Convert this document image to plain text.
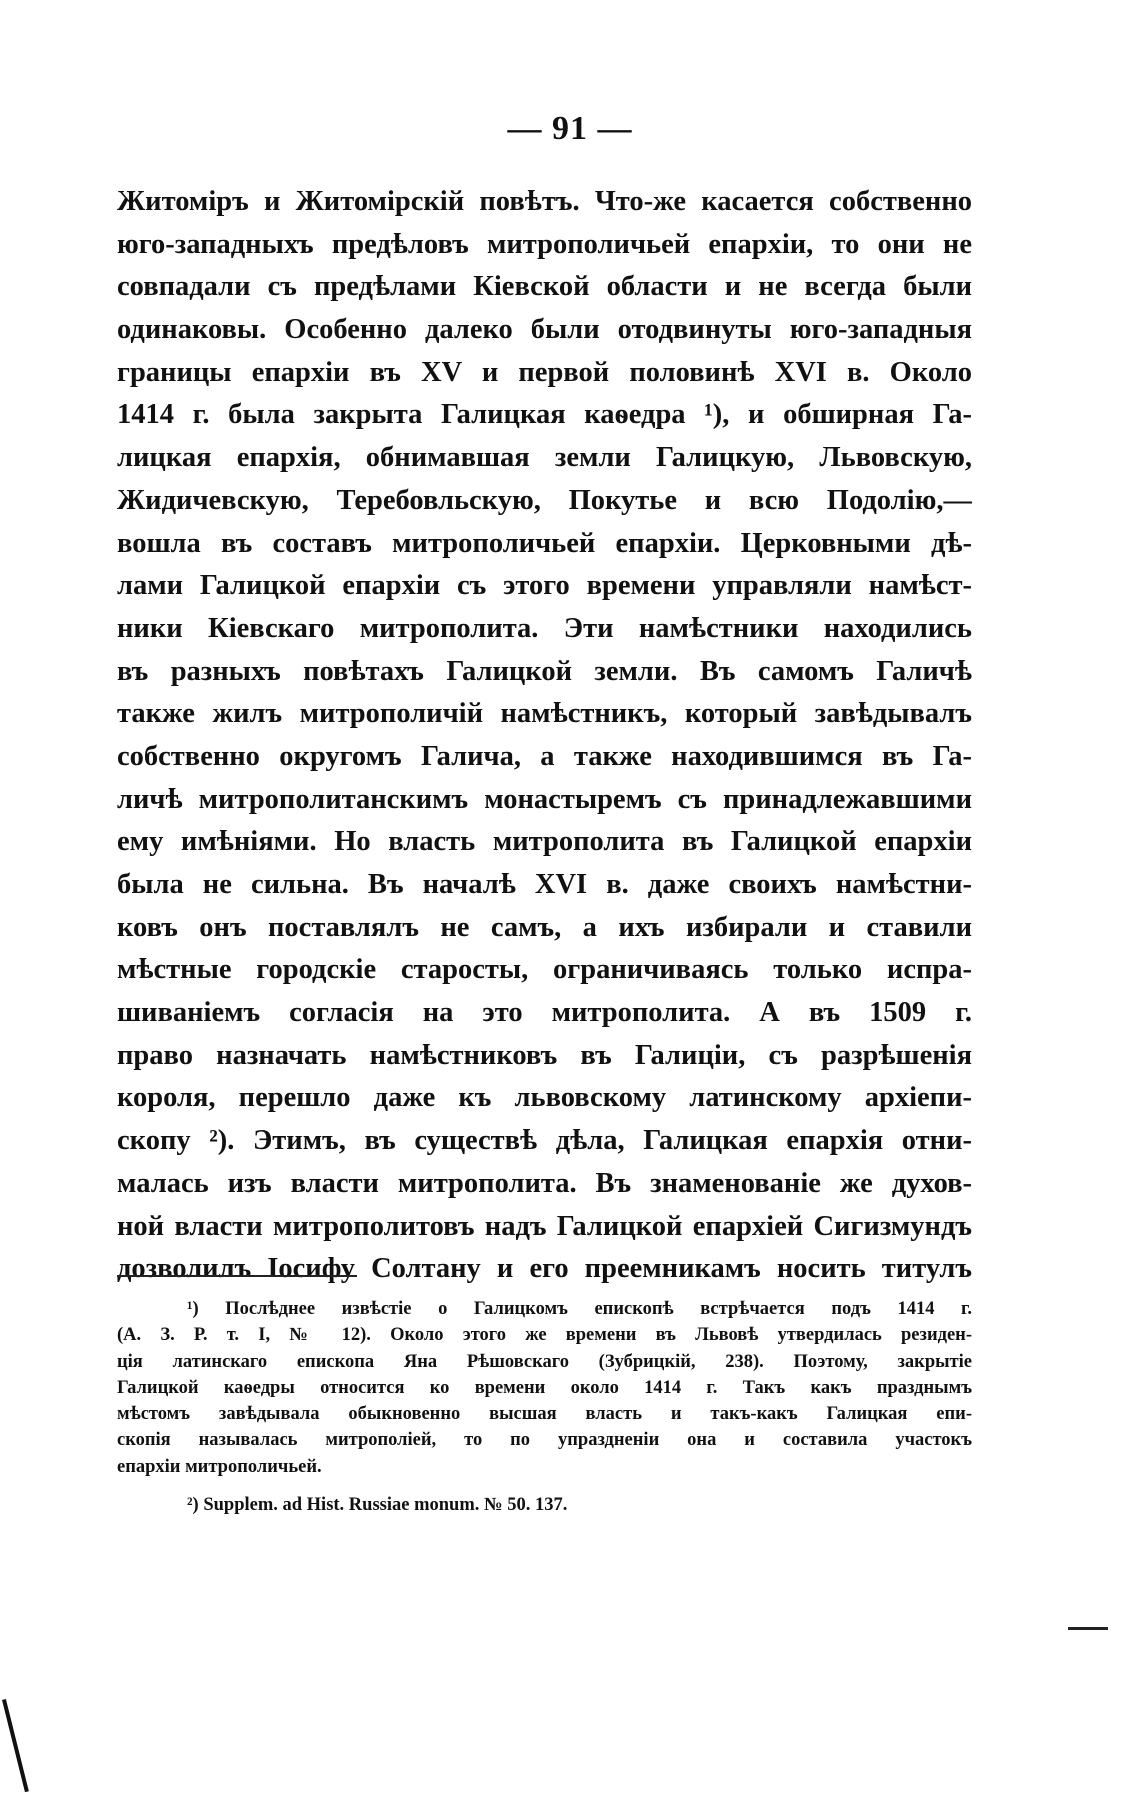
— 91 —
Житоміръ и Житомірскій повѣтъ. Что-же касается собственно
юго-западныхъ предѣловъ митрополичьей епархіи, то они не
совпадали съ предѣлами Кіевской области и не всегда были
одинаковы. Особенно далеко были отодвинуты юго-западныя
границы епархіи въ XV и первой половинѣ XVI в. Около
1414 г. была закрыта Галицкая каѳедра ¹), и обширная Га-
лицкая епархія, обнимавшая земли Галицкую, Львовскую,
Жидичевскую, Теребовльскую, Покутье и всю Подолію,—
вошла въ составъ митрополичьей епархіи. Церковными дѣ-
лами Галицкой епархіи съ этого времени управляли намѣст-
ники Кіевскаго митрополита. Эти намѣстники находились
въ разныхъ повѣтахъ Галицкой земли. Въ самомъ Галичѣ
также жилъ митрополичій намѣстникъ, который завѣдывалъ
собственно округомъ Галича, а также находившимся въ Га-
личѣ митрополитанскимъ монастыремъ съ принадлежавшими
ему имѣніями. Но власть митрополита въ Галицкой епархіи
была не сильна. Въ началѣ XVI в. даже своихъ намѣстни-
ковъ онъ поставлялъ не самъ, а ихъ избирали и ставили
мѣстные городскіе старосты, ограничиваясь только испра-
шиваніемъ согласія на это митрополита. А въ 1509 г.
право назначать намѣстниковъ въ Галиціи, съ разрѣшенія
короля, перешло даже къ львовскому латинскому архіепи-
скопу ²). Этимъ, въ существѣ дѣла, Галицкая епархія отни-
малась изъ власти митрополита. Въ знаменованіе же духов-
ной власти митрополитовъ надъ Галицкой епархіей Сигизмундъ
дозволилъ Іосифу Солтану и его преемникамъ носить титулъ
¹) Послѣднее извѣстіе о Галицкомъ епископѣ встрѣчается подъ 1414 г.
(А. З. Р. т. I, № 12). Около этого же времени въ Львовѣ утвердилась резиден-
ція латинскаго епископа Яна Рѣшовскаго (Зубрицкій, 238). Поэтому, закрытіе
Галицкой каѳедры относится ко времени около 1414 г. Такъ какъ празднымъ
мѣстомъ завѣдывала обыкновенно высшая власть и такъ-какъ Галицкая епи-
скопія называлась митрополіей, то по упраздненіи она и составила участокъ
епархіи митрополичьей.
²) Supplem. ad Hist. Russiae monum. № 50. 137.
